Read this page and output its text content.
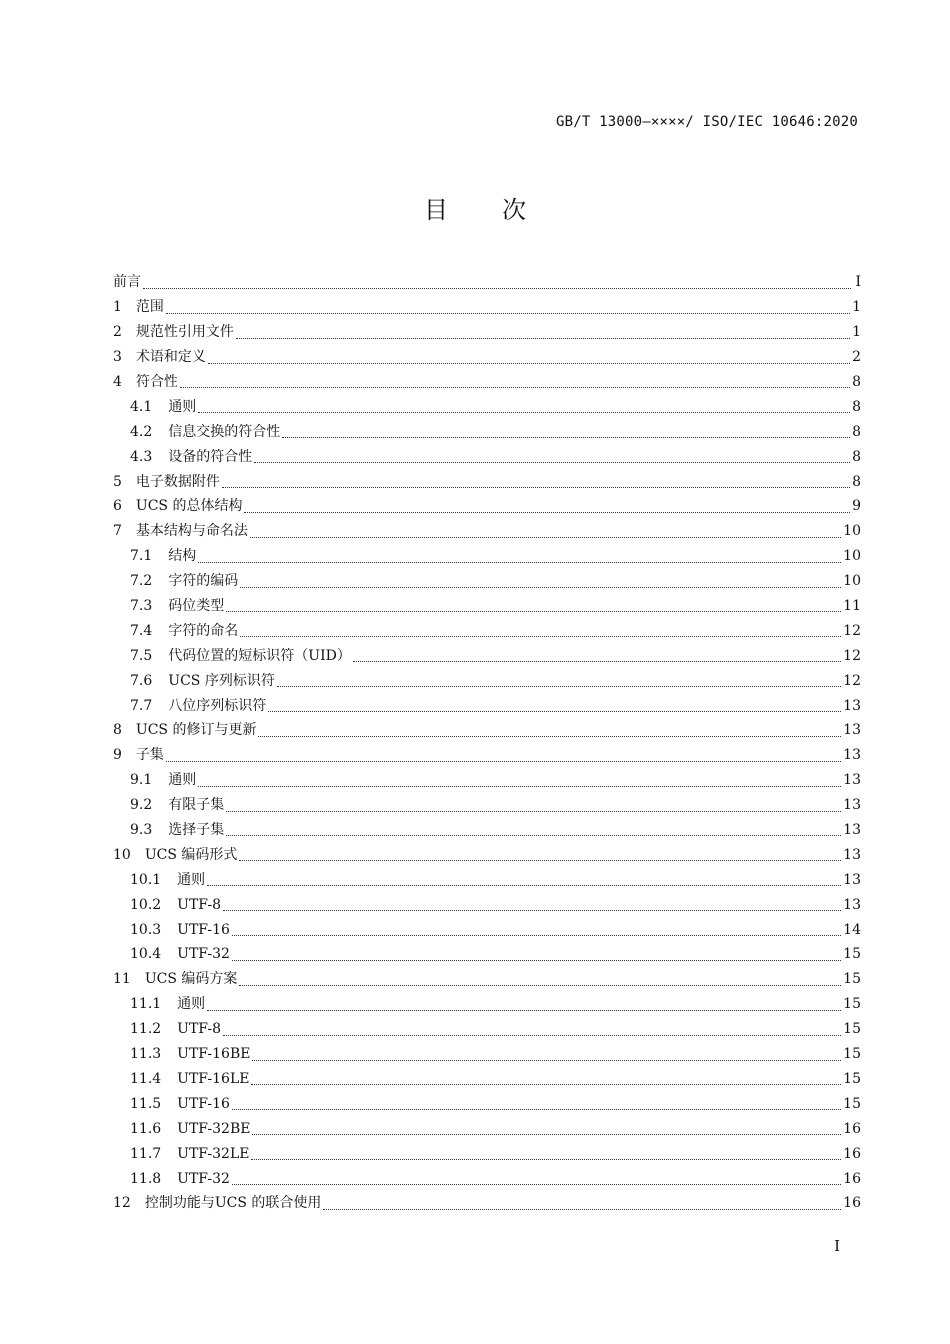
GB/T 13000—××××/ ISO/IEC 10646:2020
目次
前言	I
1 范围	1
2 规范性引用文件	1
3 术语和定义	2
4 符合性	8
4.1 通则	8
4.2 信息交换的符合性	8
4.3 设备的符合性	8
5 电子数据附件	8
6 UCS 的总体结构	9
7 基本结构与命名法	10
7.1 结构	10
7.2 字符的编码	10
7.3 码位类型	11
7.4 字符的命名	12
7.5 代码位置的短标识符（UID）	12
7.6 UCS 序列标识符	12
7.7 八位序列标识符	13
8 UCS 的修订与更新	13
9 子集	13
9.1 通则	13
9.2 有限子集	13
9.3 选择子集	13
10 UCS 编码形式	13
10.1 通则	13
10.2 UTF-8	13
10.3 UTF-16	14
10.4 UTF-32	15
11 UCS 编码方案	15
11.1 通则	15
11.2 UTF-8	15
11.3 UTF-16BE	15
11.4 UTF-16LE	15
11.5 UTF-16	15
11.6 UTF-32BE	16
11.7 UTF-32LE	16
11.8 UTF-32	16
12 控制功能与UCS 的联合使用	16
I
